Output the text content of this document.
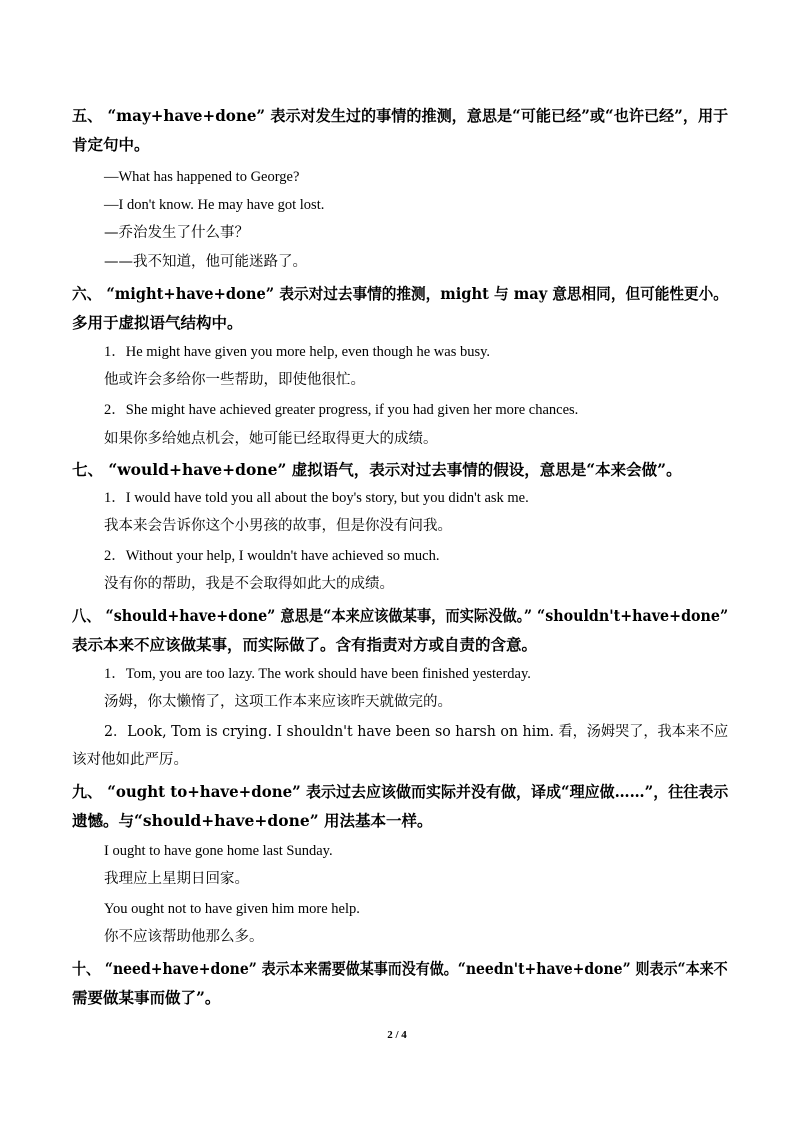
五、 “may+have+done” 表示对发生过的事情的推测，意思是“可能已经”或“也许已经”，用于
肯定句中。
—What has happened to George?
—I don't know. He may have got lost.
—乔治发生了什么事？
——我不知道，他可能迷路了。
六、 “might+have+done” 表示对过去事情的推测，might 与 may 意思相同，但可能性更小。
多用于虚拟语气结构中。
1．He might have given you more help, even though he was busy.
他或许会多给你一些帮助，即使他很忙。
2．She might have achieved greater progress, if you had given her more chances.
如果你多给她点机会，她可能已经取得更大的成绩。
七、 “would+have+done” 虚拟语气，表示对过去事情的假设，意思是“本来会做”。
1．I would have told you all about the boy's story, but you didn't ask me.
我本来会告诉你这个小男孩的故事，但是你没有问我。
2．Without your help, I wouldn't have achieved so much.
没有你的帮助，我是不会取得如此大的成绩。
八、 “should+have+done” 意思是“本来应该做某事，而实际没做。” “shouldn't+have+done”
表示本来不应该做某事，而实际做了。含有指责对方或自责的含意。
1．Tom, you are too lazy. The work should have been finished yesterday.
汤姆，你太懒惰了，这项工作本来应该昨天就做完的。
2．Look, Tom is crying. I shouldn't have been so harsh on him. 看，汤姆哭了，我本来不应
该对他如此严厉。
九、 “ought to+have+done” 表示过去应该做而实际并没有做，译成“理应做……”，往往表示
遗憾。与“should+have+done” 用法基本一样。
I ought to have gone home last Sunday.
我理应上星期日回家。
You ought not to have given him more help.
你不应该帮助他那么多。
十、 “need+have+done” 表示本来需要做某事而没有做。“needn't+have+done” 则表示“本来不
需要做某事而做了”。
2 / 4
